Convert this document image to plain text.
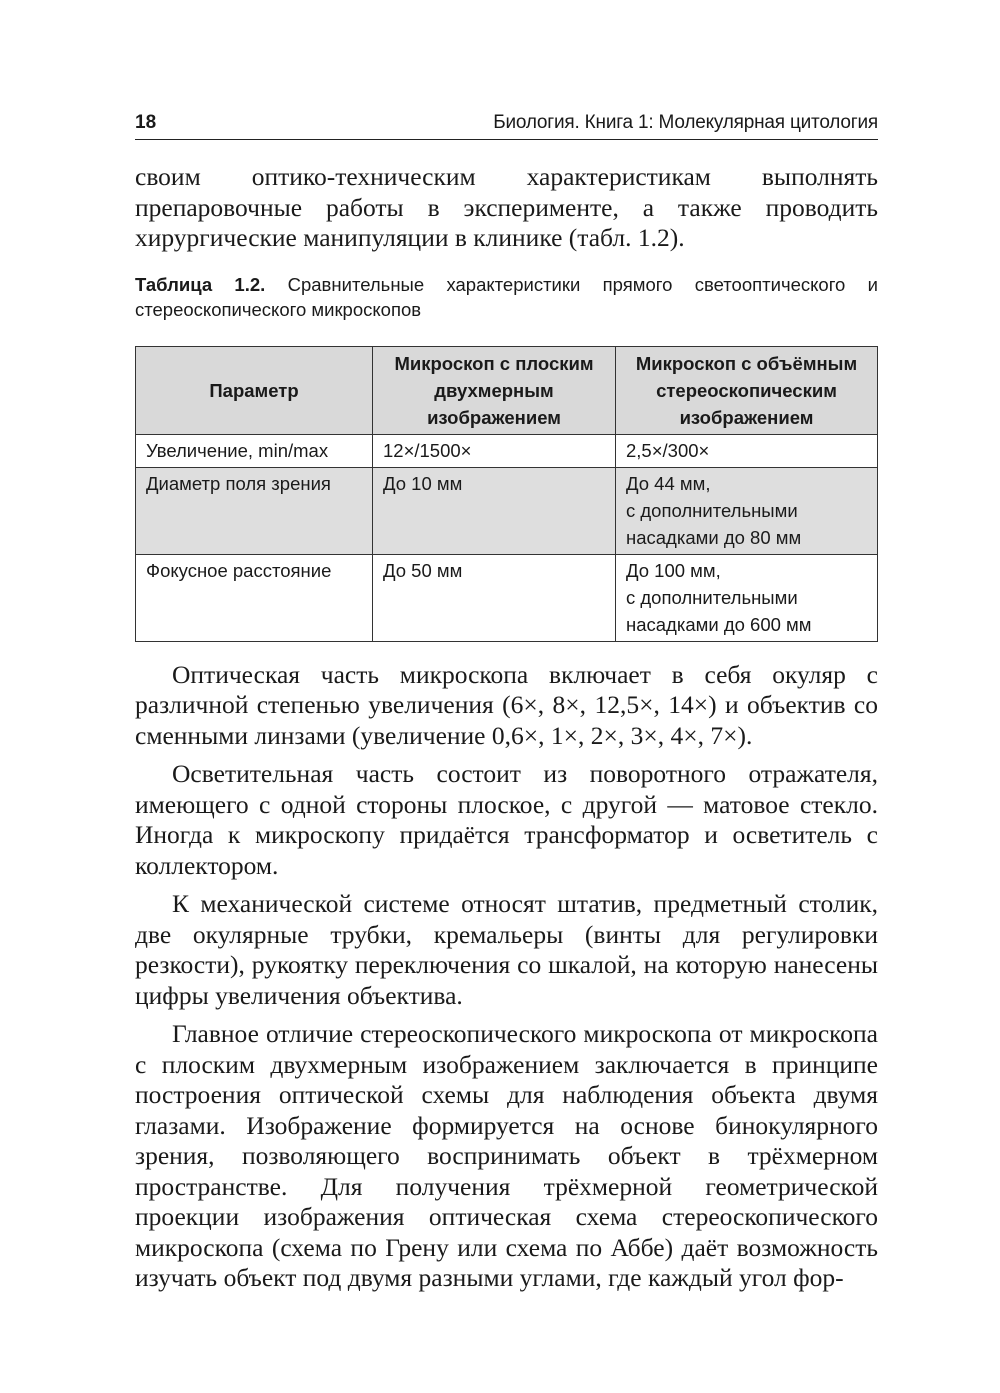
18	Биология. Книга 1: Молекулярная цитология

своим оптико-техническим характеристикам выполнять препаровочные работы в эксперименте, а также проводить хирургические манипуляции в клинике (табл. 1.2).

Таблица 1.2. Сравнительные характеристики прямого светооптического и стереоскопического микроскопов
Параметр	Микроскоп с плоским двухмерным изображением	Микроскоп с объёмным стереоскопическим изображением
Увеличение, min/max	12×/1500×	2,5×/300×

Диаметр поля зрения	До 10 мм	До 44 мм,
с дополнительными
насадками до 80 мм

Фокусное расстояние	До 50 мм	До 100 мм,
с дополнительными
насадками до 600 мм

Оптическая часть микроскопа включает в себя окуляр с различной степенью увеличения (6×, 8×, 12,5×, 14×) и объектив со сменными линзами (увеличение 0,6×, 1×, 2×, 3×, 4×, 7×).

Осветительная часть состоит из поворотного отражателя, имеющего с одной стороны плоское, с другой — матовое стекло. Иногда к микроскопу придаётся трансформатор и осветитель с коллектором.

К механической системе относят штатив, предметный столик, две окулярные трубки, кремальеры (винты для регулировки резкости), рукоятку переключения со шкалой, на которую нанесены цифры увеличения объектива.

Главное отличие стереоскопического микроскопа от микроскопа с плоским двухмерным изображением заключается в принципе построения оптической схемы для наблюдения объекта двумя глазами. Изображение формируется на основе бинокулярного зрения, позволяющего воспринимать объект в трёхмерном пространстве. Для получения трёхмерной геометрической проекции изображения оптическая схема стереоскопического микроскопа (схема по Грену или схема по Аббе) даёт возможность изучать объект под двумя разными углами, где каждый угол фор-
